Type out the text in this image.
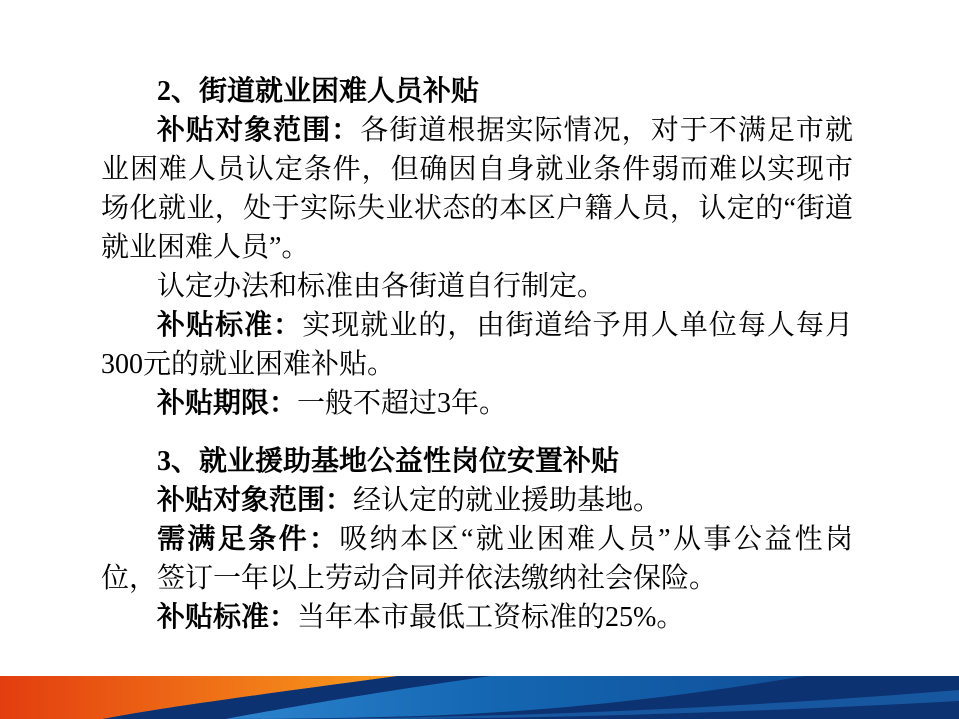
2、街道就业困难人员补贴

补贴对象范围：各街道根据实际情况，对于不满足市就业困难人员认定条件，但确因自身就业条件弱而难以实现市场化就业，处于实际失业状态的本区户籍人员，认定的“街道就业困难人员”。

认定办法和标准由各街道自行制定。

补贴标准：实现就业的，由街道给予用人单位每人每月300元的就业困难补贴。

补贴期限：一般不超过3年。

3、就业援助基地公益性岗位安置补贴

补贴对象范围：经认定的就业援助基地。

需满足条件：吸纳本区“就业困难人员”从事公益性岗位，签订一年以上劳动合同并依法缴纳社会保险。

补贴标准：当年本市最低工资标准的25%。
